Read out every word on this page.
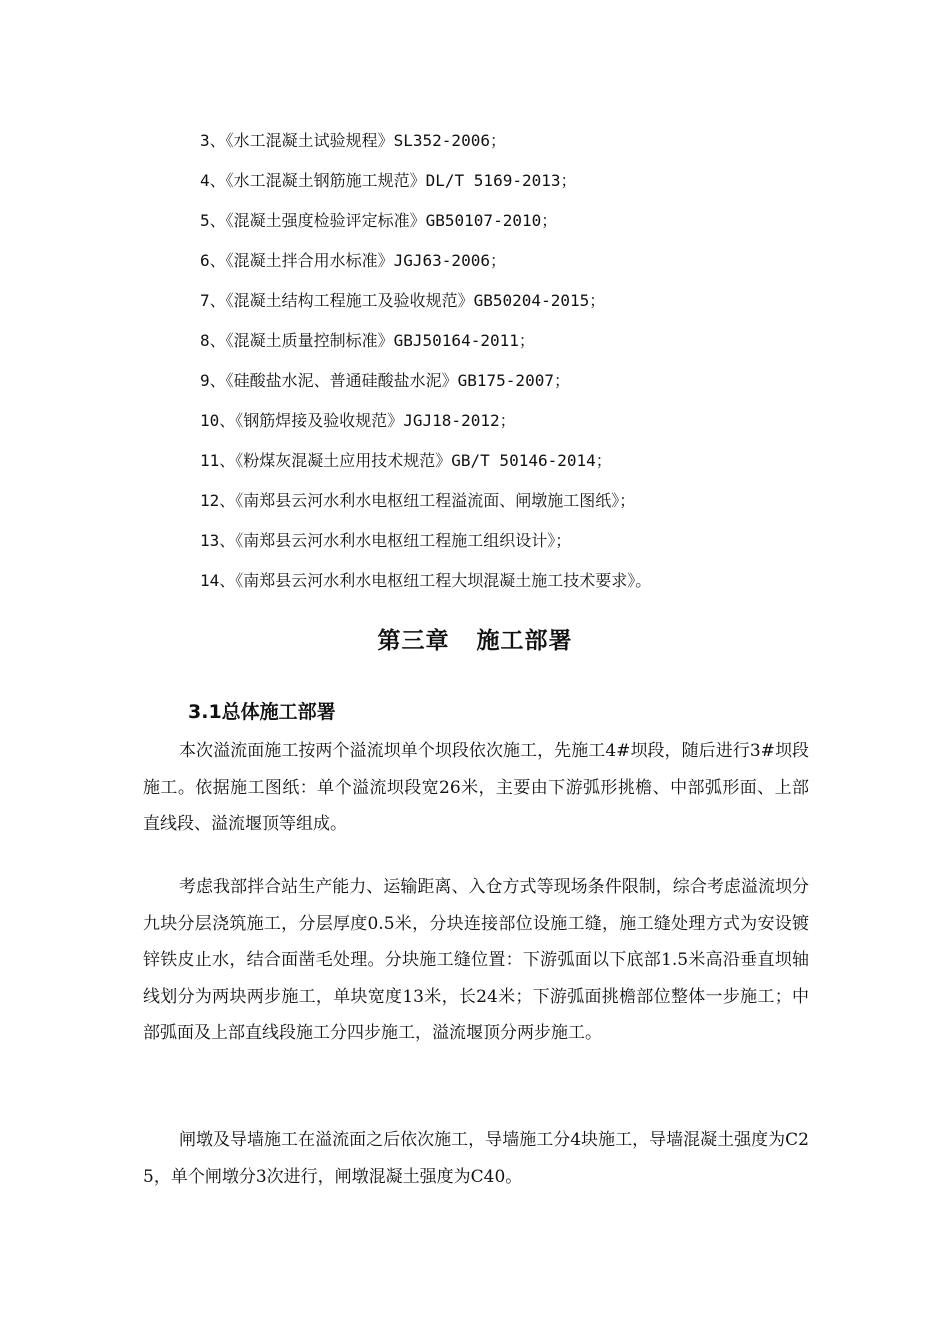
3、《水工混凝土试验规程》SL352-2006；
4、《水工混凝土钢筋施工规范》DL/T 5169-2013；
5、《混凝土强度检验评定标准》GB50107-2010；
6、《混凝土拌合用水标准》JGJ63-2006；
7、《混凝土结构工程施工及验收规范》GB50204-2015；
8、《混凝土质量控制标准》GBJ50164-2011；
9、《硅酸盐水泥、普通硅酸盐水泥》GB175-2007；
10、《钢筋焊接及验收规范》JGJ18-2012；
11、《粉煤灰混凝土应用技术规范》GB/T 50146-2014；
12、《南郑县云河水利水电枢纽工程溢流面、闸墩施工图纸》；
13、《南郑县云河水利水电枢纽工程施工组织设计》；
14、《南郑县云河水利水电枢纽工程大坝混凝土施工技术要求》。
第三章 施工部署
3.1总体施工部署
本次溢流面施工按两个溢流坝单个坝段依次施工，先施工4#坝段，随后进行3#坝段施工。依据施工图纸：单个溢流坝段宽26米，主要由下游弧形挑檐、中部弧形面、上部直线段、溢流堰顶等组成。
考虑我部拌合站生产能力、运输距离、入仓方式等现场条件限制，综合考虑溢流坝分九块分层浇筑施工，分层厚度0.5米，分块连接部位设施工缝，施工缝处理方式为安设镀锌铁皮止水，结合面凿毛处理。分块施工缝位置：下游弧面以下底部1.5米高沿垂直坝轴线划分为两块两步施工，单块宽度13米，长24米；下游弧面挑檐部位整体一步施工；中部弧面及上部直线段施工分四步施工，溢流堰顶分两步施工。
闸墩及导墙施工在溢流面之后依次施工，导墙施工分4块施工，导墙混凝土强度为C25，单个闸墩分3次进行，闸墩混凝土强度为C40。
